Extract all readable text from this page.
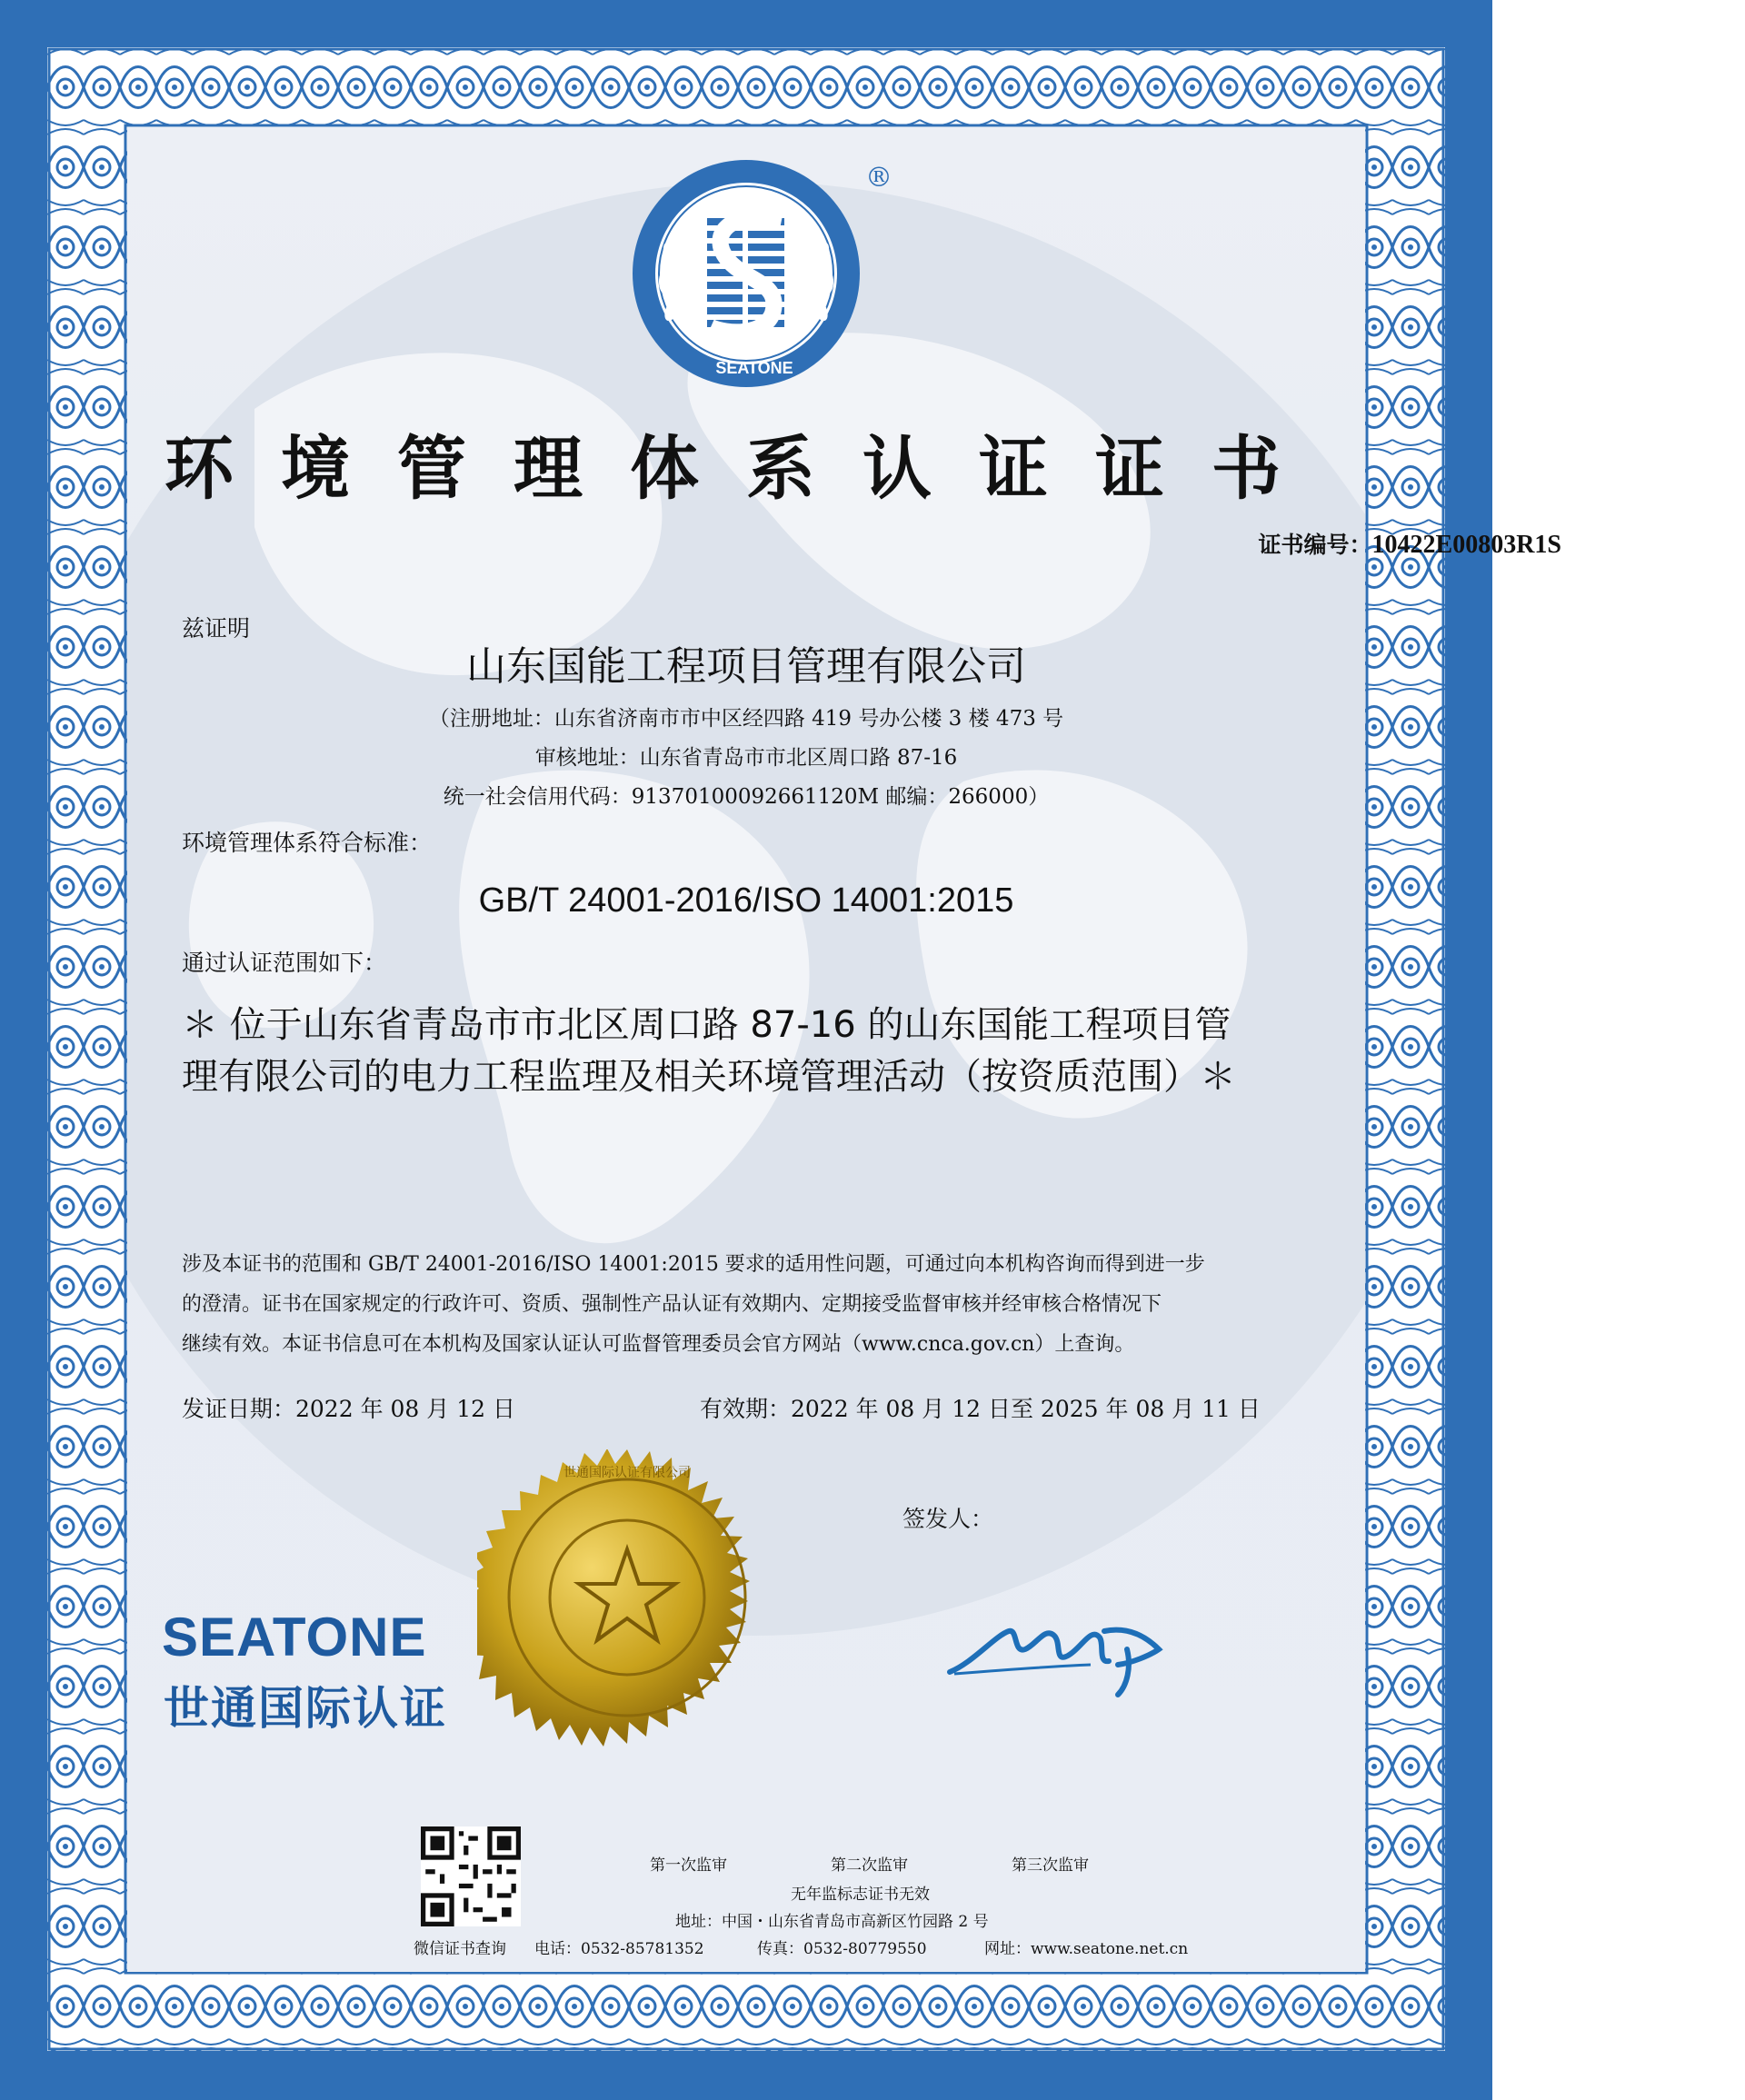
SEATONE
®
环境管理体系认证证书
证书编号：10422E00803R1S
兹证明
山东国能工程项目管理有限公司
（注册地址：山东省济南市市中区经四路 419 号办公楼 3 楼 473 号
审核地址：山东省青岛市市北区周口路 87-16
统一社会信用代码：91370100092661120M 邮编：266000）
环境管理体系符合标准：
GB/T 24001-2016/ISO 14001:2015
通过认证范围如下：
＊ 位于山东省青岛市市北区周口路 87-16 的山东国能工程项目管
理有限公司的电力工程监理及相关环境管理活动（按资质范围）＊
涉及本证书的范围和 GB/T 24001-2016/ISO 14001:2015 要求的适用性问题，可通过向本机构咨询而得到进一步
的澄清。证书在国家规定的行政许可、资质、强制性产品认证有效期内、定期接受监督审核并经审核合格情况下
继续有效。本证书信息可在本机构及国家认证认可监督管理委员会官方网站（www.cnca.gov.cn）上查询。
发证日期：2022 年 08 月 12 日	有效期：2022 年 08 月 12 日至 2025 年 08 月 11 日
签发人：
SEATONE
世通国际认证
世通国际认证有限公司
微信证书查询
第一次监审	第二次监审	第三次监审
无年监标志证书无效
地址：中国・山东省青岛市高新区竹园路 2 号
电话：0532-85781352	传真：0532-80779550	网址：www.seatone.net.cn
